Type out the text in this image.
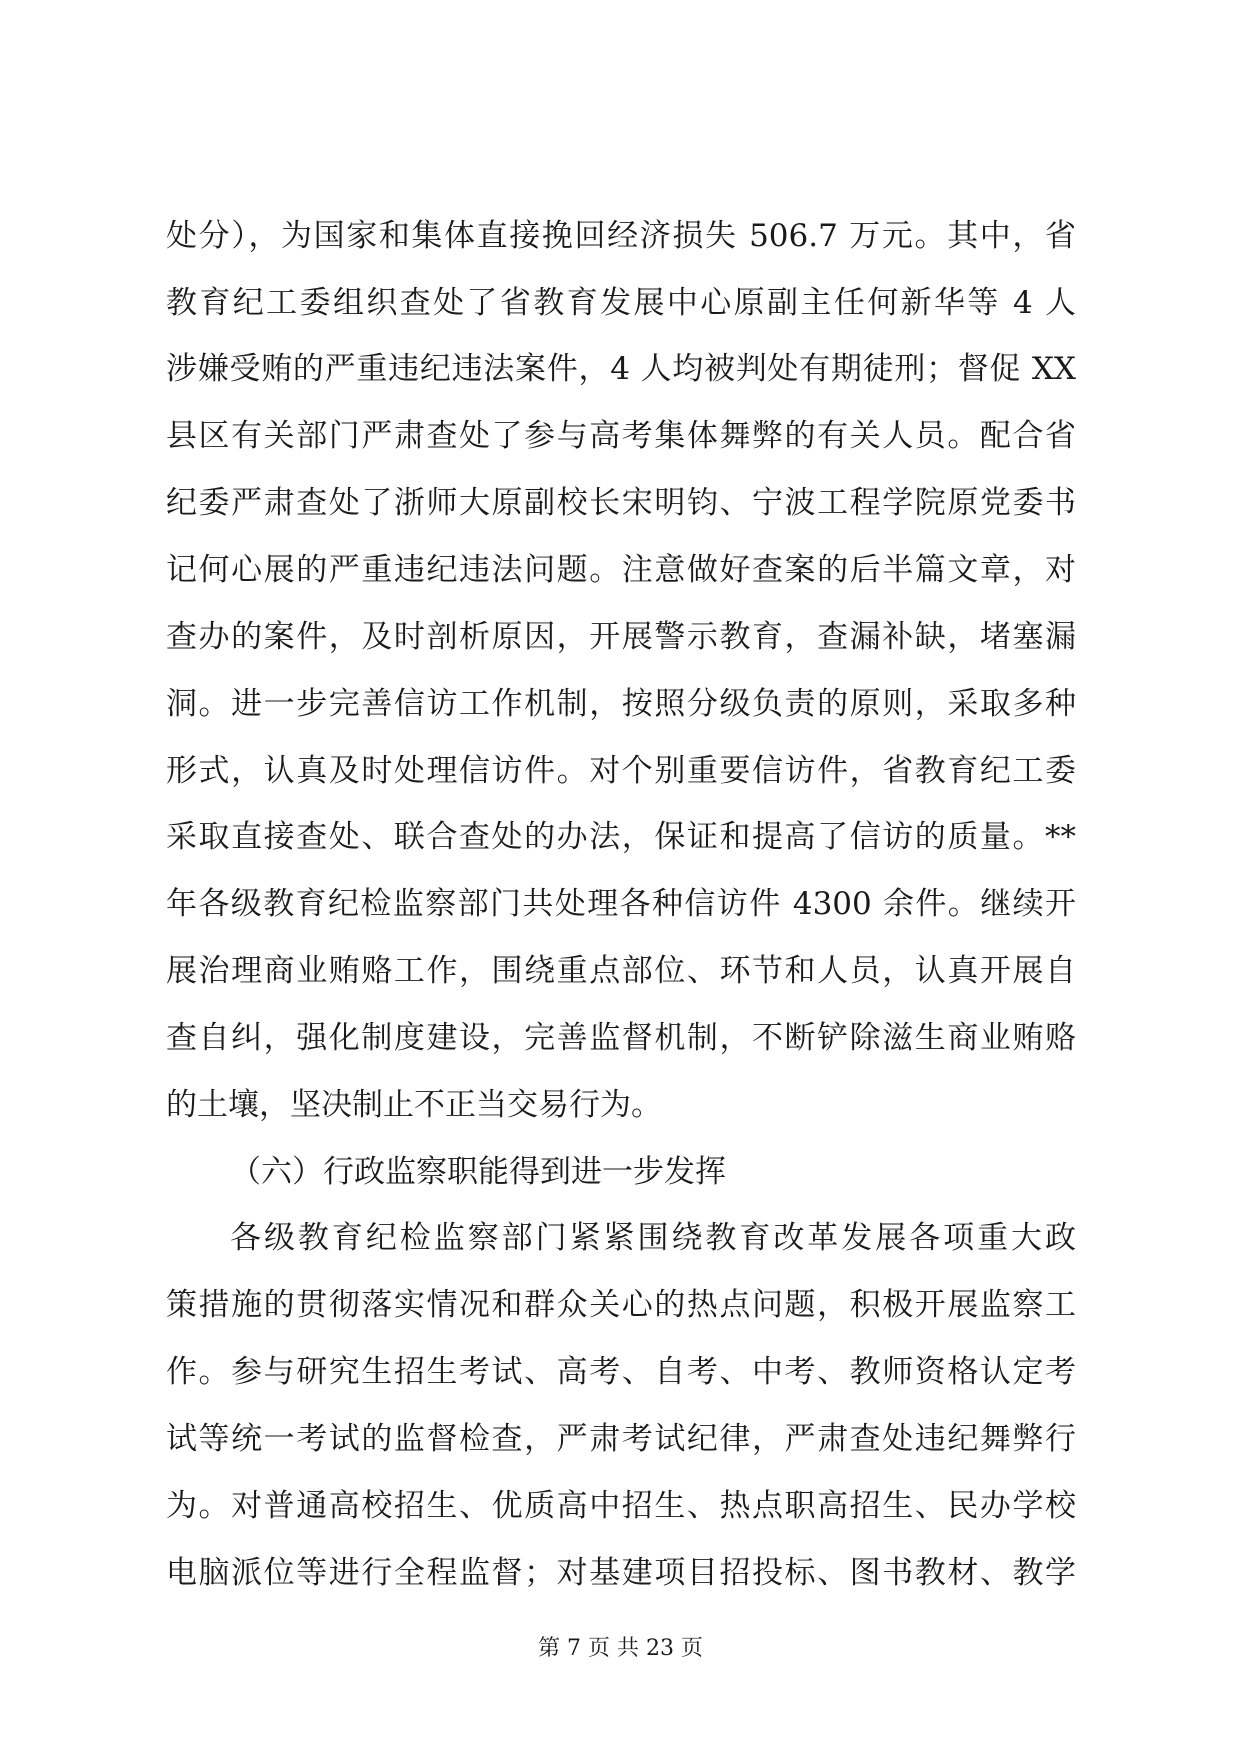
处分），为国家和集体直接挽回经济损失 506.7 万元。其中，省
教育纪工委组织查处了省教育发展中心原副主任何新华等 4 人
涉嫌受贿的严重违纪违法案件，4 人均被判处有期徒刑；督促 XX
县区有关部门严肃查处了参与高考集体舞弊的有关人员。配合省
纪委严肃查处了浙师大原副校长宋明钧、宁波工程学院原党委书
记何心展的严重违纪违法问题。注意做好查案的后半篇文章，对
查办的案件，及时剖析原因，开展警示教育，查漏补缺，堵塞漏
洞。进一步完善信访工作机制，按照分级负责的原则，采取多种
形式，认真及时处理信访件。对个别重要信访件，省教育纪工委
采取直接查处、联合查处的办法，保证和提高了信访的质量。**
年各级教育纪检监察部门共处理各种信访件 4300 余件。继续开
展治理商业贿赂工作，围绕重点部位、环节和人员，认真开展自
查自纠，强化制度建设，完善监督机制，不断铲除滋生商业贿赂
的土壤，坚决制止不正当交易行为。
（六）行政监察职能得到进一步发挥
各级教育纪检监察部门紧紧围绕教育改革发展各项重大政
策措施的贯彻落实情况和群众关心的热点问题，积极开展监察工
作。参与研究生招生考试、高考、自考、中考、教师资格认定考
试等统一考试的监督检查，严肃考试纪律，严肃查处违纪舞弊行
为。对普通高校招生、优质高中招生、热点职高招生、民办学校
电脑派位等进行全程监督；对基建项目招投标、图书教材、教学
第 7 页 共 23 页
